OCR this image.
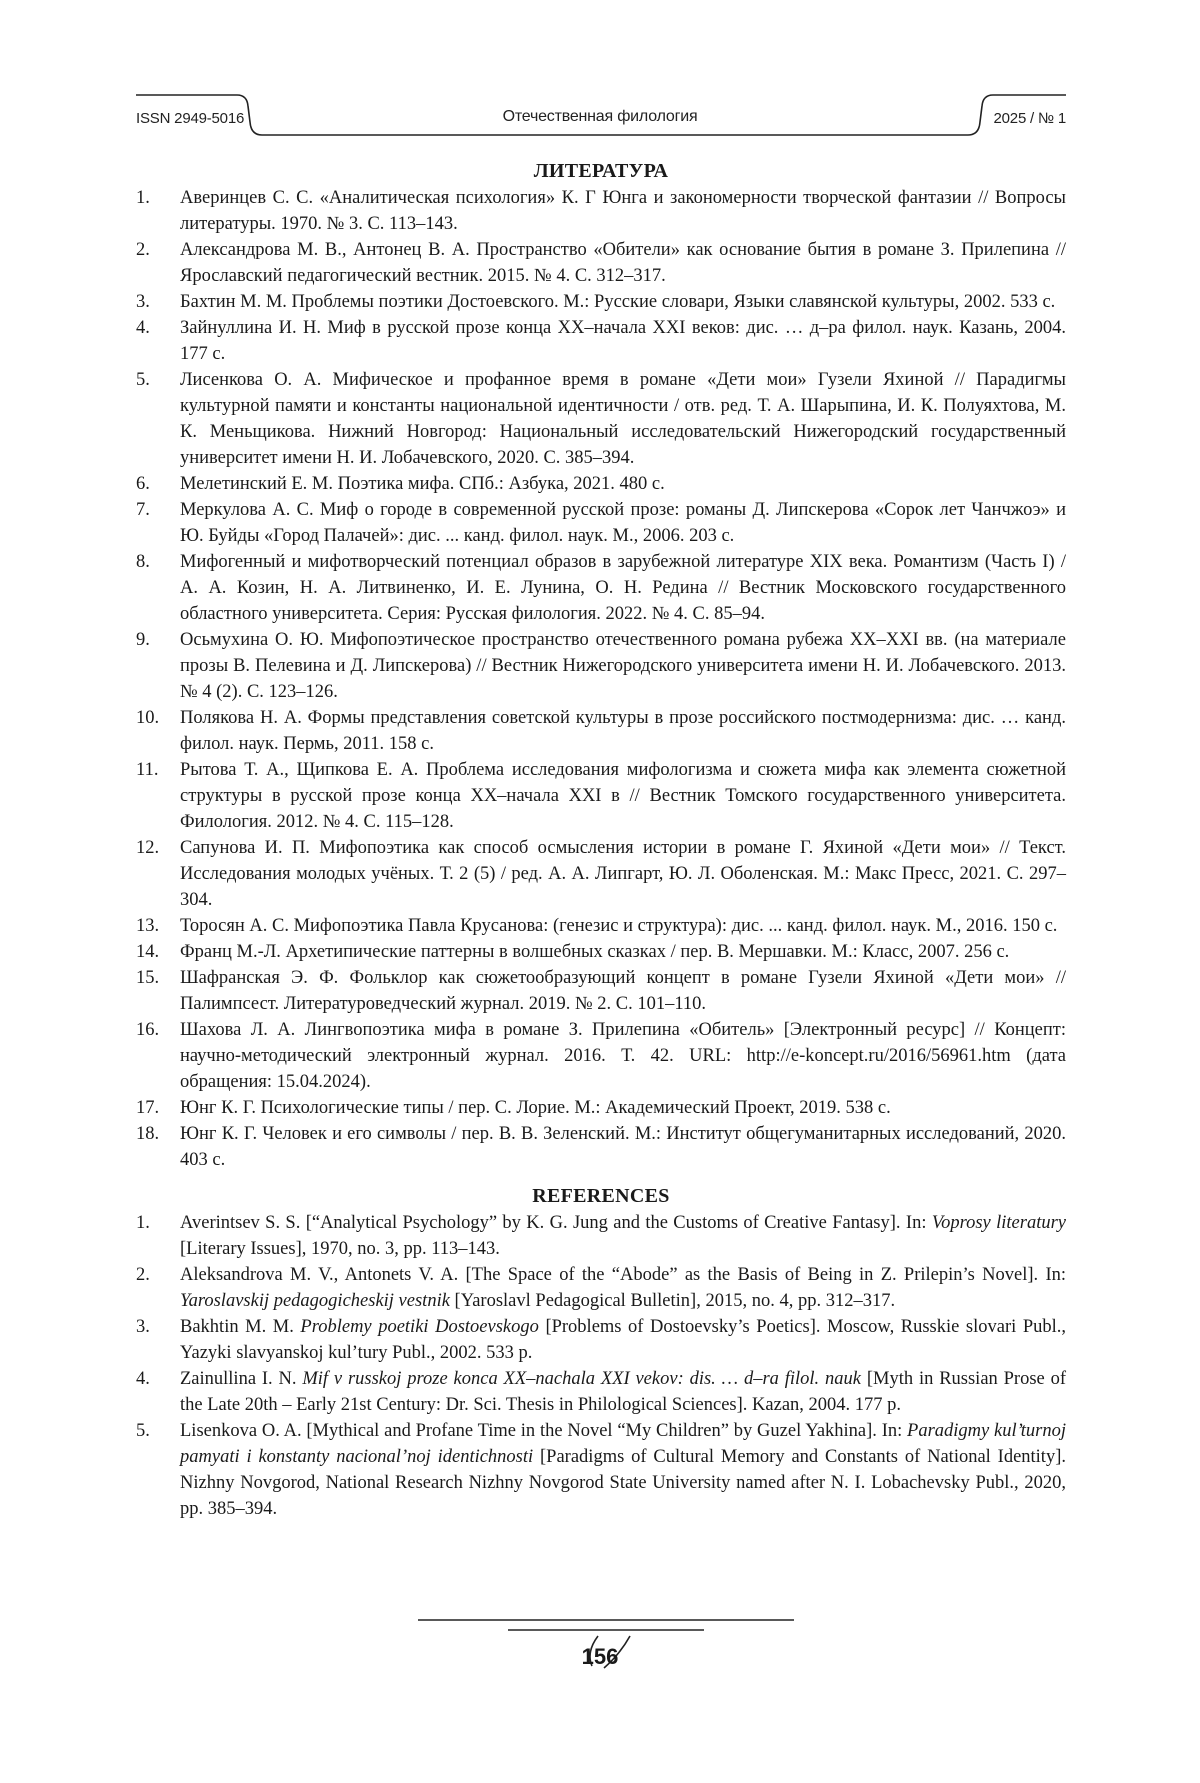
ISSN 2949-5016	Отечественная филология	2025 / № 1
ЛИТЕРАТУРА
1.	Аверинцев С. С. «Аналитическая психология» К. Г Юнга и закономерности творческой фантазии // Вопросы литературы. 1970. № 3. С. 113–143.
2.	Александрова М. В., Антонец В. А. Пространство «Обители» как основание бытия в романе З. Прилепина // Ярославский педагогический вестник. 2015. № 4. С. 312–317.
3.	Бахтин М. М. Проблемы поэтики Достоевского. М.: Русские словари, Языки славянской культуры, 2002. 533 с.
4.	Зайнуллина И. Н. Миф в русской прозе конца XX–начала XXI веков: дис. … д–ра филол. наук. Казань, 2004. 177 с.
5.	Лисенкова О. А. Мифическое и профанное время в романе «Дети мои» Гузели Яхиной // Парадигмы культурной памяти и константы национальной идентичности / отв. ред. Т. А. Шарыпина, И. К. Полуяхтова, М. К. Меньщикова. Нижний Новгород: Национальный исследовательский Нижегородский государственный университет имени Н. И. Лобачевского, 2020. С. 385–394.
6.	Мелетинский Е. М. Поэтика мифа. СПб.: Азбука, 2021. 480 с.
7.	Меркулова А. С. Миф о городе в современной русской прозе: романы Д. Липскерова «Сорок лет Чанчжоэ» и Ю. Буйды «Город Палачей»: дис. ... канд. филол. наук. М., 2006. 203 с.
8.	Мифогенный и мифотворческий потенциал образов в зарубежной литературе XIX века. Романтизм (Часть I) / А. А. Козин, Н. А. Литвиненко, И. Е. Лунина, О. Н. Редина // Вестник Московского государственного областного университета. Серия: Русская филология. 2022. № 4. С. 85–94.
9.	Осьмухина О. Ю. Мифопоэтическое пространство отечественного романа рубежа XX–XXI вв. (на материале прозы В. Пелевина и Д. Липскерова) // Вестник Нижегородского университета имени Н. И. Лобачевского. 2013. № 4 (2). С. 123–126.
10.	Полякова Н. А. Формы представления советской культуры в прозе российского постмодернизма: дис. … канд. филол. наук. Пермь, 2011. 158 с.
11.	Рытова Т. А., Щипкова Е. А. Проблема исследования мифологизма и сюжета мифа как элемента сюжетной структуры в русской прозе конца XX–начала XXI в // Вестник Томского государственного университета. Филология. 2012. № 4. С. 115–128.
12.	Сапунова И. П. Мифопоэтика как способ осмысления истории в романе Г. Яхиной «Дети мои» // Текст. Исследования молодых учёных. Т. 2 (5) / ред. А. А. Липгарт, Ю. Л. Оболенская. М.: Макс Пресс, 2021. С. 297–304.
13.	Торосян А. С. Мифопоэтика Павла Крусанова: (генезис и структура): дис. ... канд. филол. наук. М., 2016. 150 с.
14.	Франц М.-Л. Архетипические паттерны в волшебных сказках / пер. В. Мершавки. М.: Класс, 2007. 256 с.
15.	Шафранская Э. Ф. Фольклор как сюжетообразующий концепт в романе Гузели Яхиной «Дети мои» // Палимпсест. Литературоведческий журнал. 2019. № 2. С. 101–110.
16.	Шахова Л. А. Лингвопоэтика мифа в романе З. Прилепина «Обитель» [Электронный ресурс] // Концепт: научно-методический электронный журнал. 2016. Т. 42. URL: http://e-koncept.ru/2016/56961.htm (дата обращения: 15.04.2024).
17.	Юнг К. Г. Психологические типы / пер. С. Лорие. М.: Академический Проект, 2019. 538 с.
18.	Юнг К. Г. Человек и его символы / пер. В. В. Зеленский. М.: Институт общегуманитарных исследований, 2020. 403 с.
REFERENCES
1.	Averintsev S. S. [“Analytical Psychology” by K. G. Jung and the Customs of Creative Fantasy]. In: Voprosy literatury [Literary Issues], 1970, no. 3, pp. 113–143.
2.	Aleksandrova M. V., Antonets V. A. [The Space of the “Abode” as the Basis of Being in Z. Prilepin’s Novel]. In: Yaroslavskij pedagogicheskij vestnik [Yaroslavl Pedagogical Bulletin], 2015, no. 4, pp. 312–317.
3.	Bakhtin M. M. Problemy poetiki Dostoevskogo [Problems of Dostoevsky’s Poetics]. Moscow, Russkie slovari Publ., Yazyki slavyanskoj kul’tury Publ., 2002. 533 p.
4.	Zainullina I. N. Mif v russkoj proze konca XX–nachala XXI vekov: dis. … d–ra filol. nauk [Myth in Russian Prose of the Late 20th – Early 21st Century: Dr. Sci. Thesis in Philological Sciences]. Kazan, 2004. 177 p.
5.	Lisenkova O. A. [Mythical and Profane Time in the Novel “My Children” by Guzel Yakhina]. In: Paradigmy kul’turnoj pamyati i konstanty nacional’noj identichnosti [Paradigms of Cultural Memory and Constants of National Identity]. Nizhny Novgorod, National Research Nizhny Novgorod State University named after N. I. Lobachevsky Publ., 2020, pp. 385–394.
156
